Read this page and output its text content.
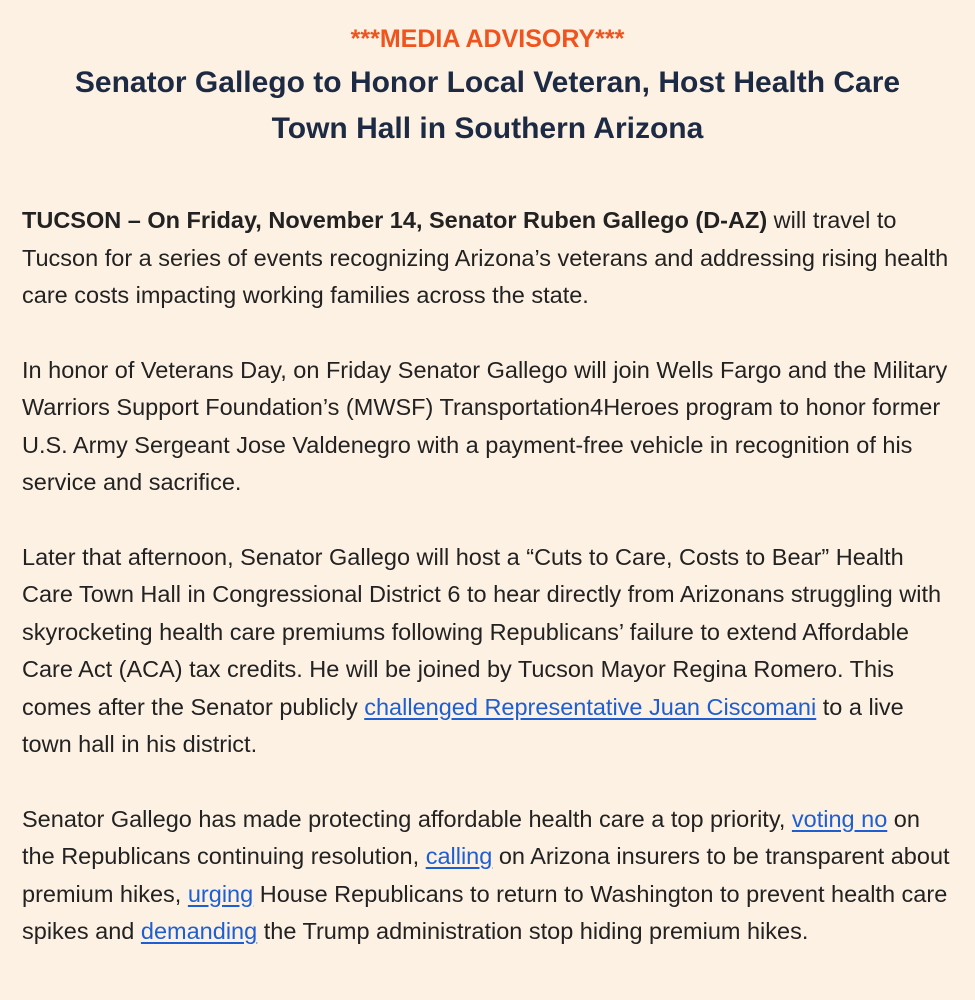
***MEDIA ADVISORY***

Senator Gallego to Honor Local Veteran, Host Health Care
Town Hall in Southern Arizona

TUCSON – On Friday, November 14, Senator Ruben Gallego (D-AZ) will travel to Tucson for a series of events recognizing Arizona’s veterans and addressing rising health care costs impacting working families across the state.

In honor of Veterans Day, on Friday Senator Gallego will join Wells Fargo and the Military Warriors Support Foundation’s (MWSF) Transportation4Heroes program to honor former U.S. Army Sergeant Jose Valdenegro with a payment-free vehicle in recognition of his service and sacrifice.

Later that afternoon, Senator Gallego will host a “Cuts to Care, Costs to Bear” Health Care Town Hall in Congressional District 6 to hear directly from Arizonans struggling with skyrocketing health care premiums following Republicans’ failure to extend Affordable Care Act (ACA) tax credits. He will be joined by Tucson Mayor Regina Romero. This comes after the Senator publicly challenged Representative Juan Ciscomani to a live town hall in his district.

Senator Gallego has made protecting affordable health care a top priority, voting no on the Republicans continuing resolution, calling on Arizona insurers to be transparent about premium hikes, urging House Republicans to return to Washington to prevent health care spikes and demanding the Trump administration stop hiding premium hikes.
